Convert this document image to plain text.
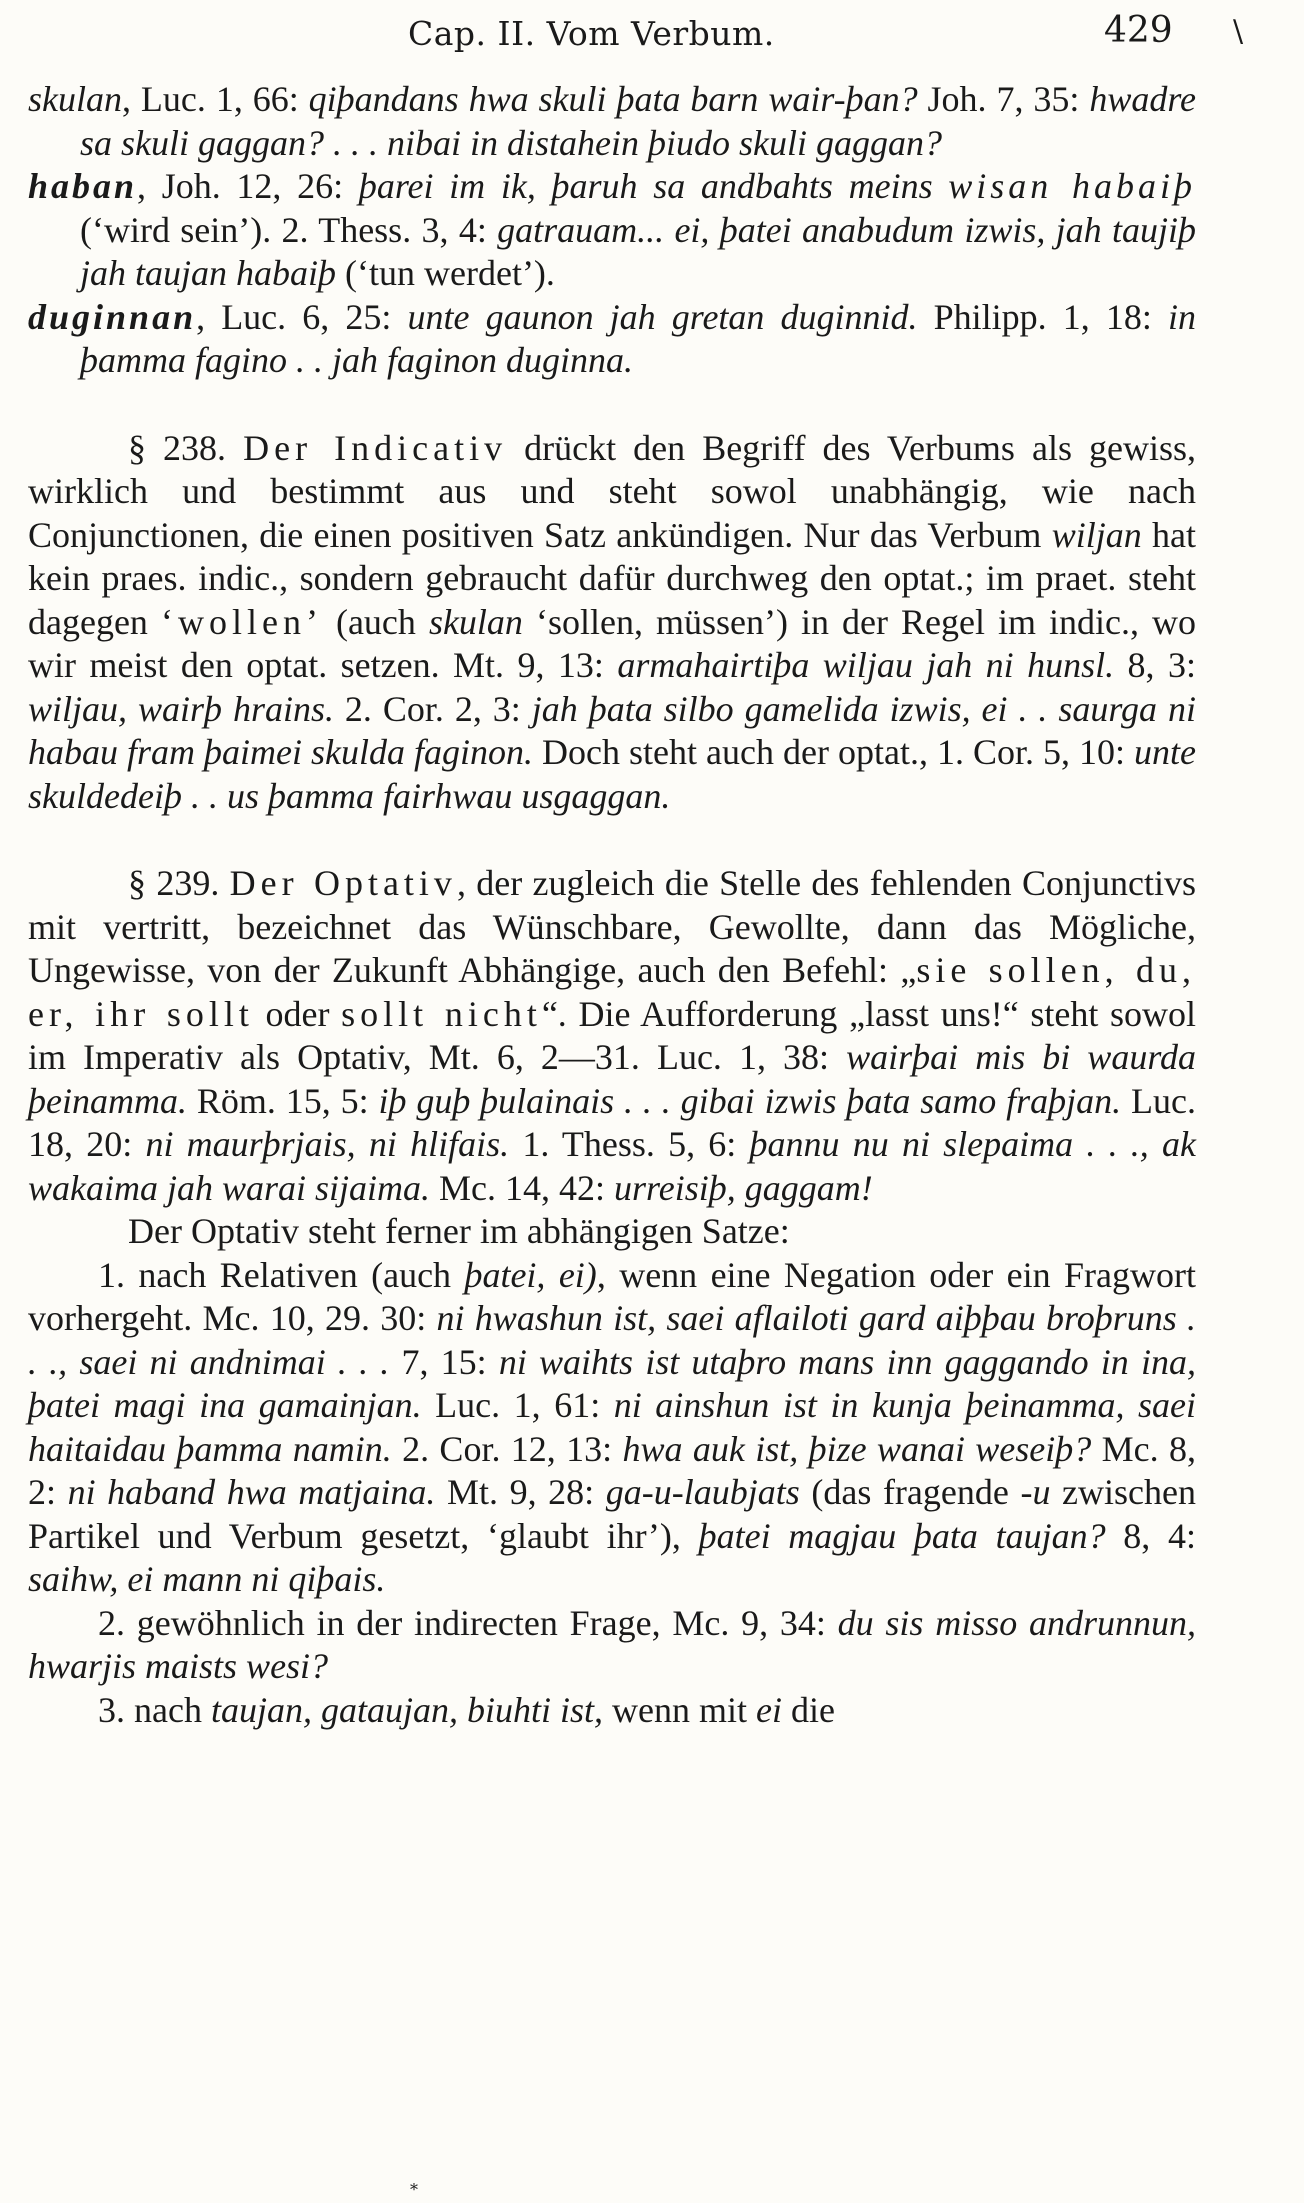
Cap. II. Vom Verbum.	429 \

skulan, Luc. 1, 66: qiþandans hwa skuli þata barn wair-þan? Joh. 7, 35: hwadre sa skuli gaggan? . . . nibai in distahein þiudo skuli gaggan?

haban, Joh. 12, 26: þarei im ik, þaruh sa andbahts meins wisan habaiþ (‘wird sein’). 2. Thess. 3, 4: gatrauam... ei, þatei anabudum izwis, jah taujiþ jah taujan habaiþ (‘tun werdet’).

duginnan, Luc. 6, 25: unte gaunon jah gretan duginnid. Philipp. 1, 18: in þamma fagino . . jah faginon duginna.

§ 238. Der Indicativ drückt den Begriff des Verbums als gewiss, wirklich und bestimmt aus und steht sowol unabhängig, wie nach Conjunctionen, die einen positiven Satz ankündigen. Nur das Verbum wiljan hat kein praes. indic., sondern gebraucht dafür durchweg den optat.; im praet. steht dagegen ‘wollen’ (auch skulan ‘sollen, müssen’) in der Regel im indic., wo wir meist den optat. setzen. Mt. 9, 13: armahairtiþa wiljau jah ni hunsl. 8, 3: wiljau, wairþ hrains. 2. Cor. 2, 3: jah þata silbo gamelida izwis, ei . . saurga ni habau fram þaimei skulda faginon. Doch steht auch der optat., 1. Cor. 5, 10: unte skuldedeiþ . . us þamma fairhwau usgaggan.

§ 239. Der Optativ, der zugleich die Stelle des fehlenden Conjunctivs mit vertritt, bezeichnet das Wünschbare, Gewollte, dann das Mögliche, Ungewisse, von der Zukunft Abhängige, auch den Befehl: „sie sollen, du, er, ihr sollt oder sollt nicht“. Die Aufforderung „lasst uns!“ steht sowol im Imperativ als Optativ, Mt. 6, 2—31. Luc. 1, 38: wairþai mis bi waurda þeinamma. Röm. 15, 5: iþ guþ þulainais . . . gibai izwis þata samo fraþjan. Luc. 18, 20: ni maurþrjais, ni hlifais. 1. Thess. 5, 6: þannu nu ni slepaima . . ., ak wakaima jah warai sijaima. Mc. 14, 42: urreisiþ, gaggam!

Der Optativ steht ferner im abhängigen Satze:

1. nach Relativen (auch þatei, ei), wenn eine Negation oder ein Fragwort vorhergeht. Mc. 10, 29. 30: ni hwashun ist, saei aflailoti gard aiþþau broþruns . . ., saei ni andnimai . . . 7, 15: ni waihts ist utaþro mans inn gaggando in ina, þatei magi ina gamainjan. Luc. 1, 61: ni ainshun ist in kunja þeinamma, saei haitaidau þamma namin. 2. Cor. 12, 13: hwa auk ist, þize wanai weseiþ? Mc. 8, 2: ni haband hwa matjaina. Mt. 9, 28: ga-u-laubjats (das fragende -u zwischen Partikel und Verbum gesetzt, ‘glaubt ihr’), þatei magjau þata taujan? 8, 4: saihw, ei mann ni qiþais.

2. gewöhnlich in der indirecten Frage, Mc. 9, 34: du sis misso andrunnun, hwarjis maists wesi?

3. nach taujan, gataujan, biuhti ist, wenn mit ei die

*
